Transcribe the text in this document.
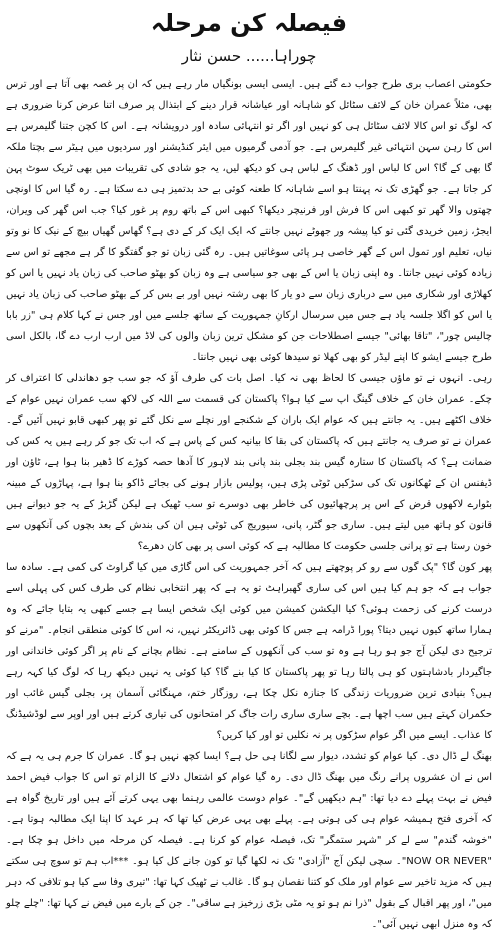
فیصلہ کن مرحلہ
چوراہا...... حسن نثار

حکومتی اعصاب بری طرح جواب دے گئے ہیں۔ ایسی ایسی بونگیاں مار رہے ہیں کہ ان پر غصہ بھی آتا ہے اور ترس بھی، مثلاً عمران خان کے لائف سٹائل کو شاہانہ اور عیاشانہ قرار دینے کے ابتذال پر صرف اتنا عرض کرنا ضروری ہے کہ لوگ تو اس کالا لائف سٹائل ہی کو نہیں اور اگر تو انتہائی سادہ اور درویشانہ ہے۔ اس کا کچن جتنا گلیمرس ہے اس کا رہن سہن انتہائی غیر گلیمرس ہے۔ جو آدمی گرمیوں میں ایئر کنڈیشنر اور سردیوں میں ہیٹر سے بچتا ملکہ گا بھی کے گا؟ اس کا لباس اور ڈھنگ کے لباس ہی کو دیکھ لیں، یہ جو شادی کی تقریبات میں بھی ٹریک سوٹ پہن کر جاتا ہے۔ جو گھڑی تک نہ پہنتا ہو اسے شاہانہ کا طعنہ کوئی بے حد بدتمیز ہی دے سکتا ہے۔ رہ گیا اس کا اونچی چھتوں والا گھر تو کبھی اس کا فرش اور فرنیچر دیکھا؟ کبھی اس کے باتھ روم پر غور کیا؟ جب اس گھر کی ویران، ایجڑ، زمین خریدی گئی تو کیا پیشہ ور جھوٹے نہیں جانتے کہ ایک ایک کر کے دی ہے؟ گھاس گھیاں بیچ کے نیک کا نو وتو نیاں، تعلیم اور تمول اس کے گھر خاصی ہر پائی سوغاتیں ہیں۔ رہ گئی زبان تو جو گفتگو کا گر ہے مجھے تو اس سے زیادہ کوئی نہیں جانتا۔ وہ اپنی زبان یا اس کے بھی جو سیاسی ہے وہ زبان کو بھٹو صاحب کی زبان یاد نہیں یا اس کو کھلاڑی اور شکاری میں سے درباری زبان سے دو یار کا بھی رشتہ نہیں اور بے بس کر کے بھٹو صاحب کی زبان یاد نہیں یا اس کو اگلا جلسہ یاد ہے جس میں سرسال ارکانِ جمہوریت کے ساتھ جلسے میں اور جس نے کہا کلام ہی "زر بابا چالیس چور"، "تاقا بھائی" جیسے اصطلاحات جن کو مشکل ترین زبان والوں کی لاڈ میں ارب ارب دے گا، بالکل اسی طرح جیسے ایشو کا اپنے لیڈر کو بھی کھلا تو سیدھا کوئی بھی نہیں جانتا۔

رہی۔ انہوں نے تو ماؤں جیسی کا لحاظ بھی نہ کیا۔ اصل بات کی طرف آؤ کہ جو سب جو دھاندلی کا اعتراف کر چکے۔ عمران خان کے خلاف گینگ اپ سے کیا ہوا؟ پاکستان کی قسمت سے اللہ کی لاکھ سب عمران نہیں عوام کے خلاف اکٹھے ہیں۔ یہ جانتے ہیں کہ عوام ایک باران کے شکنجے اور نچلے سے نکل گئے تو پھر کبھی قابو نہیں آئیں گے۔ عمران نے تو صرف یہ جانتے ہیں کہ پاکستان کی بقا کا بیانیہ کس کے پاس ہے کہ اب تک جو کر رہے ہیں یہ کس کی ضمانت ہے؟ کہ پاکستان کا ستارہ گیس بند بجلی بند پانی بند لاہور کا آدھا حصہ کوڑے کا ڈھیر بنا ہوا ہے، ٹاؤن اور ڈیفنس ان کے ٹھکانوں تک کی سڑکیں ٹوٹی پڑی ہیں، پولیس بازار ہونے کی بجائے ڈاکو بنا ہوا ہے، پہاڑوں کے مبینہ بٹوارے لاکھوں قرض کے اس پر پرچھائیوں کی خاطر بھی دوسرے تو سب ٹھیک ہے لیکن گڑبڑ کے یہ جو دیوانے ہیں قانون کو ہاتھ میں لیتے ہیں۔ ساری جو گٹر، پانی، سیوریج کی ٹوٹی ہیں ان کی بندش کے بعد بچوں کی آنکھوں سے خون رستا ہے تو پرانی جلسی حکومت کا مطالبہ ہے کہ کوئی اسی پر بھی کان دھرے؟

پھر کون گا؟ "پک گوں سے رو کر پوچھتے ہیں کہ آخر جمہوریت کی اس گاڑی میں کیا گراوٹ کی کمی ہے۔ سادہ سا جواب ہے کہ جو ہم کیا ہیں اس کی ساری گھبراہٹ تو یہ ہے کہ پھر انتخابی نظام کی طرف کس کی پہلی اسے درست کرنے کی زحمت ہوئی؟ کیا الیکشن کمیشن میں کوئی ایک شخص ایسا ہے جسے کبھی یہ بتایا جائے کہ وہ ہمارا ساتھ کیوں نہیں دیتا؟ پورا ڈرامہ ہے جس کا کوئی بھی ڈائریکٹر نہیں، نہ اس کا کوئی منطقی انجام۔ "مرنے کو ترجیح دی لیکن آج جو ہو رہا ہے وہ تو سب کی آنکھوں کے سامنے ہے۔ نظام بچانے کے نام پر اگر کوئی خاندانی اور جاگیردار بادشاہتوں کو ہی پالتا رہا تو پھر پاکستان کا کیا بنے گا؟ کیا کوئی یہ نہیں دیکھ رہا کہ لوگ کیا کہہ رہے ہیں؟ بنیادی ترین ضروریات زندگی کا جنازہ نکل چکا ہے، روزگار ختم، مہنگائی آسمان پر، بجلی گیس غائب اور حکمران کہتے ہیں سب اچھا ہے۔ بچے ساری ساری رات جاگ کر امتحانوں کی تیاری کرتے ہیں اور اوپر سے لوڈشیڈنگ کا عذاب۔ ایسے میں اگر عوام سڑکوں پر نہ نکلیں تو اور کیا کریں؟

بھنگ لے ڈال دی۔ کیا عوام کو تشدد، دیوار سے لگانا ہی حل ہے؟ ایسا کچھ نہیں ہو گا۔ عمران کا جرم ہی یہ ہے کہ اس نے ان عشروں پرانے رنگ میں بھنگ ڈال دی۔ رہ گیا عوام کو اشتعال دلانے کا الزام تو اس کا جواب فیض احمد فیض نے بہت پہلے دے دیا تھا: "ہم دیکھیں گے"۔ عوام دوست عالمی رہنما بھی یہی کرتے آئے ہیں اور تاریخ گواہ ہے کہ آخری فتح ہمیشہ عوام ہی کی ہوتی ہے۔ پہلے بھی یہی عرض کیا تھا کہ ہر عہد کا اپنا ایک مطالبہ ہوتا ہے۔ "خوشہ گندم" سے لے کر "شہر ستمگر" تک، فیصلہ عوام کو کرنا ہے۔ فیصلہ کن مرحلہ میں داخل ہو چکا ہے۔ "NOW OR NEVER"۔ سچی لیکن آج "آزادی" تک نہ لکھا گیا تو کون جانے کل کیا ہو۔ ***اب ہم تو سوچ ہی سکتے ہیں کہ مزید تاخیر سے عوام اور ملک کو کتنا نقصان ہو گا۔ غالب نے ٹھیک کہا تھا: "تیری وفا سے کیا ہو تلافی کہ دہر میں"، اور پھر اقبال کے بقول "ذرا نم ہو تو یہ مٹی بڑی زرخیز ہے ساقی"۔ جن کے بارے میں فیض نے کہا تھا: "چلے چلو کہ وہ منزل ابھی نہیں آئی"۔
